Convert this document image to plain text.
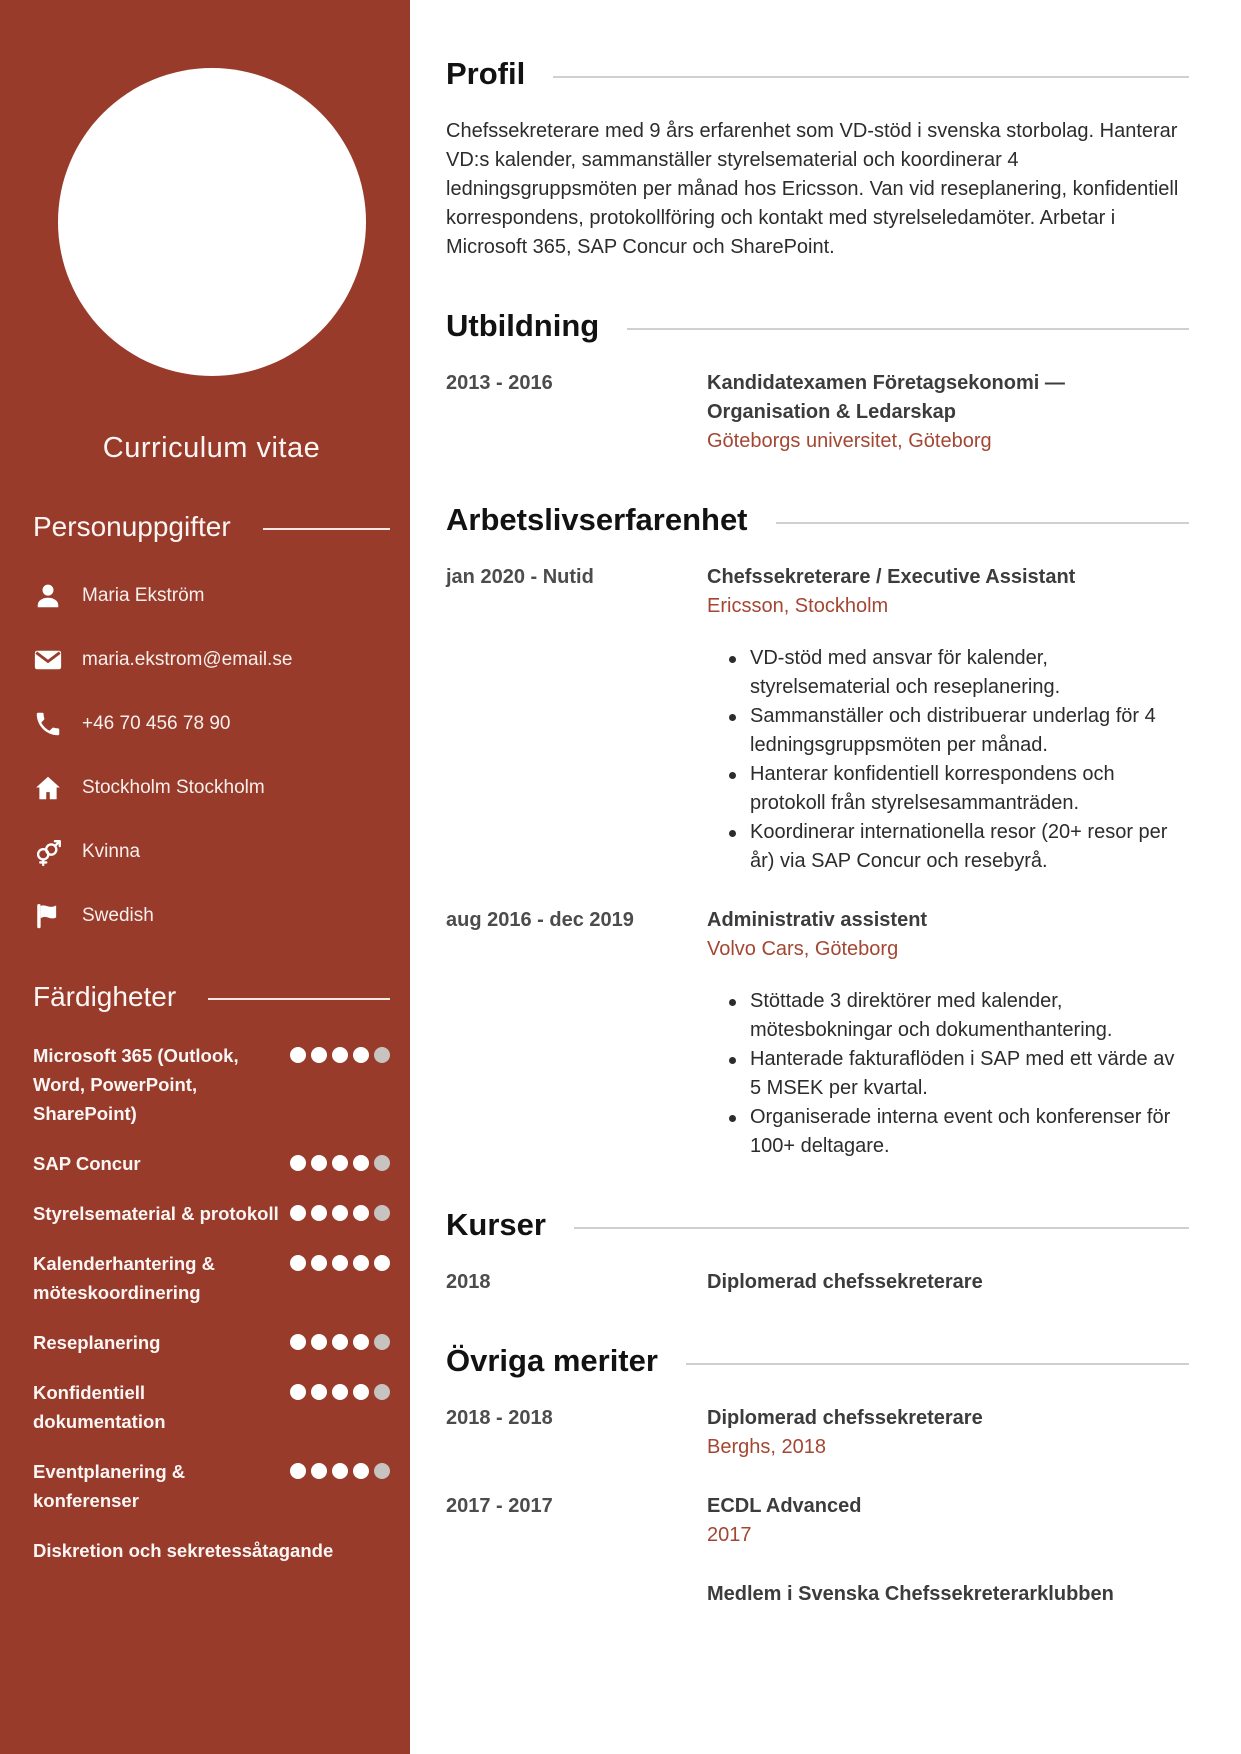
Curriculum vitae
Personuppgifter
Maria Ekström
maria.ekstrom@email.se
+46 70 456 78 90
Stockholm Stockholm
Kvinna
Swedish
Färdigheter
Microsoft 365 (Outlook, Word, PowerPoint, SharePoint)
SAP Concur
Styrelsematerial & protokoll
Kalenderhantering & möteskoordinering
Reseplanering
Konfidentiell dokumentation
Eventplanering & konferenser
Diskretion och sekretessåtagande
Profil

Chefssekreterare med 9 års erfarenhet som VD-stöd i svenska storbolag. Hanterar VD:s kalender, sammanställer styrelsematerial och koordinerar 4 ledningsgruppsmöten per månad hos Ericsson. Van vid reseplanering, konfidentiell korrespondens, protokollföring och kontakt med styrelseledamöter. Arbetar i Microsoft 365, SAP Concur och SharePoint.

Utbildning
2013 - 2016	Kandidatexamen Företagsekonomi — Organisation & Ledarskap
Göteborgs universitet, Göteborg
Arbetslivserfarenhet
jan 2020 - Nutid	Chefssekreterare / Executive Assistant
Ericsson, Stockholm
VD-stöd med ansvar för kalender, styrelsematerial och reseplanering.
Sammanställer och distribuerar underlag för 4 ledningsgruppsmöten per månad.
Hanterar konfidentiell korrespondens och protokoll från styrelsesammanträden.
Koordinerar internationella resor (20+ resor per år) via SAP Concur och resebyrå.
aug 2016 - dec 2019	Administrativ assistent
Volvo Cars, Göteborg
Stöttade 3 direktörer med kalender, mötesbokningar och dokumenthantering.
Hanterade fakturaflöden i SAP med ett värde av 5 MSEK per kvartal.
Organiserade interna event och konferenser för 100+ deltagare.
Kurser
2018	Diplomerad chefssekreterare
Övriga meriter
2018 - 2018	Diplomerad chefssekreterare
Berghs, 2018
2017 - 2017	ECDL Advanced
2017
Medlem i Svenska Chefssekreterarklubben
